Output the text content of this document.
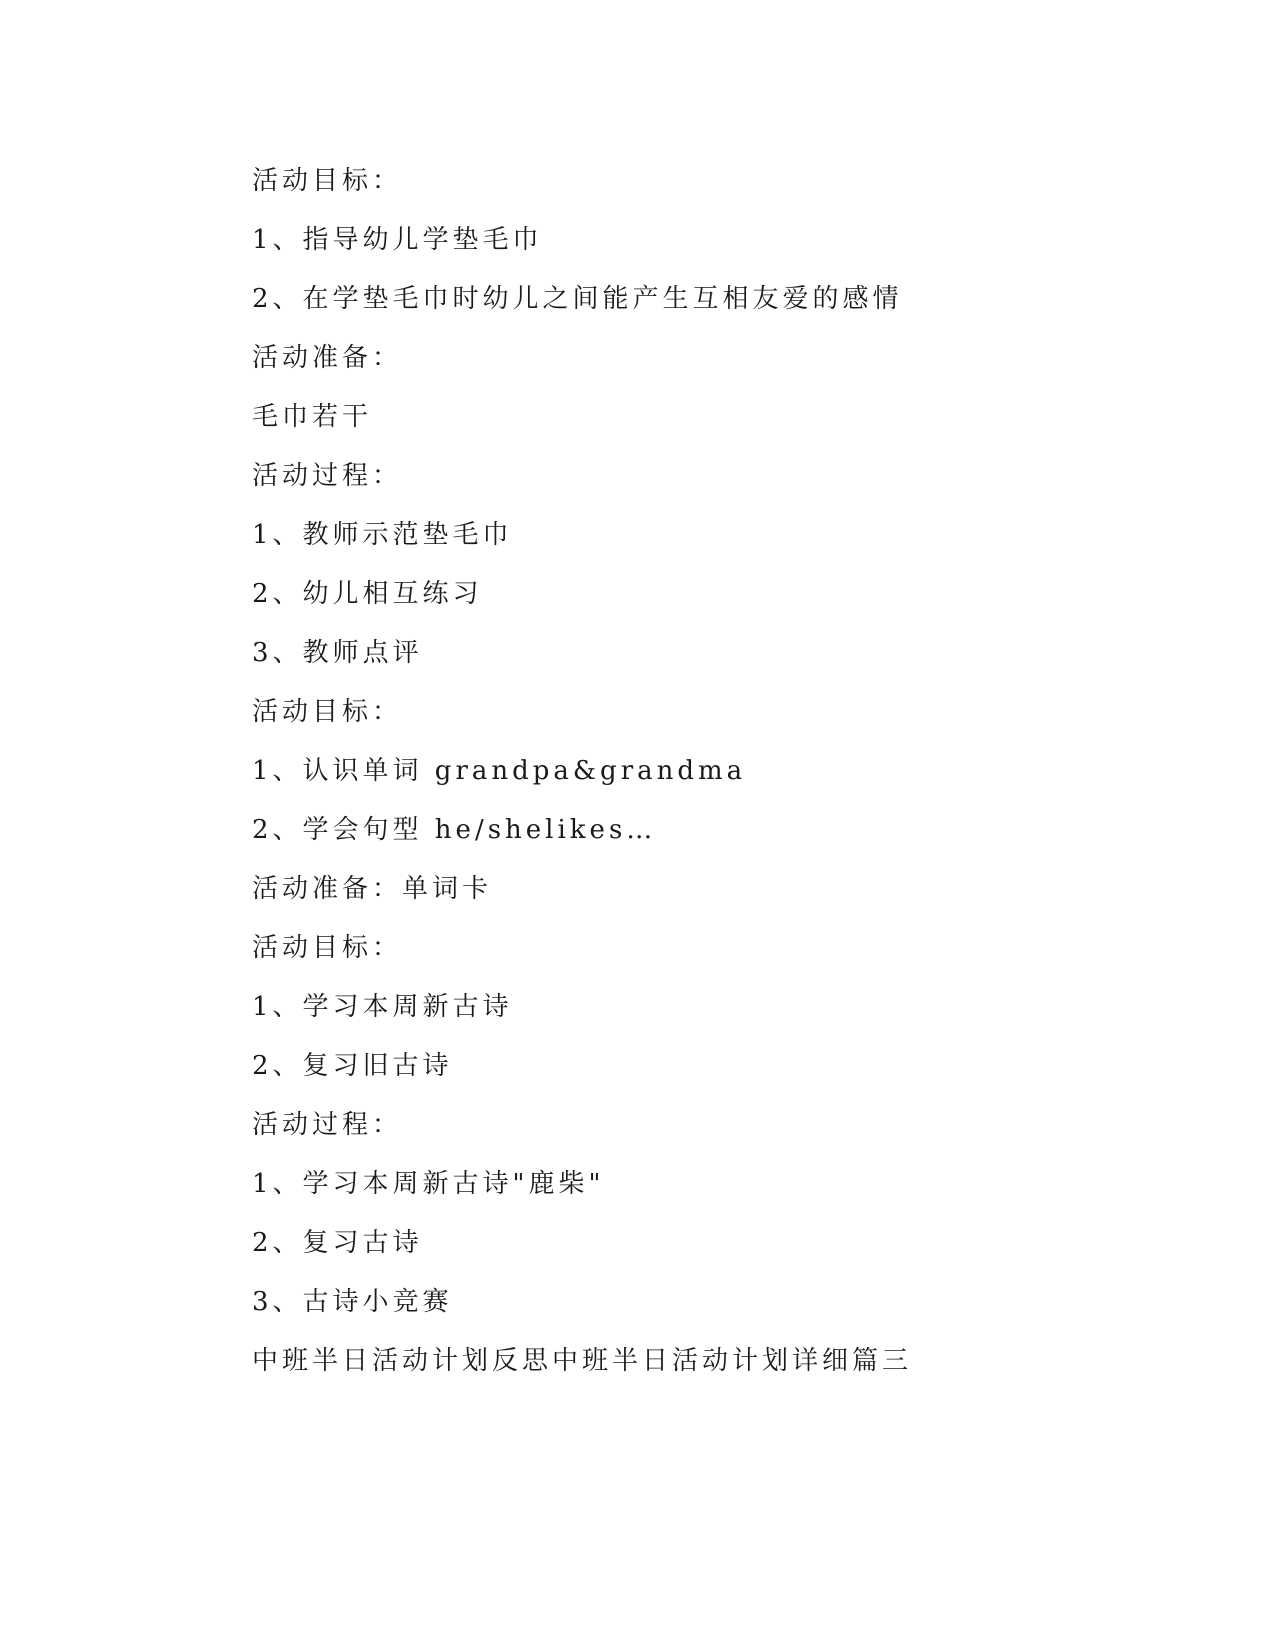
活动目标：
1、指导幼儿学垫毛巾
2、在学垫毛巾时幼儿之间能产生互相友爱的感情
活动准备：
毛巾若干
活动过程：
1、教师示范垫毛巾
2、幼儿相互练习
3、教师点评
活动目标：
1、认识单词 grandpa&grandma
2、学会句型 he/shelikes…
活动准备：单词卡
活动目标：
1、学习本周新古诗
2、复习旧古诗
活动过程：
1、学习本周新古诗"鹿柴"
2、复习古诗
3、古诗小竞赛
中班半日活动计划反思中班半日活动计划详细篇三
